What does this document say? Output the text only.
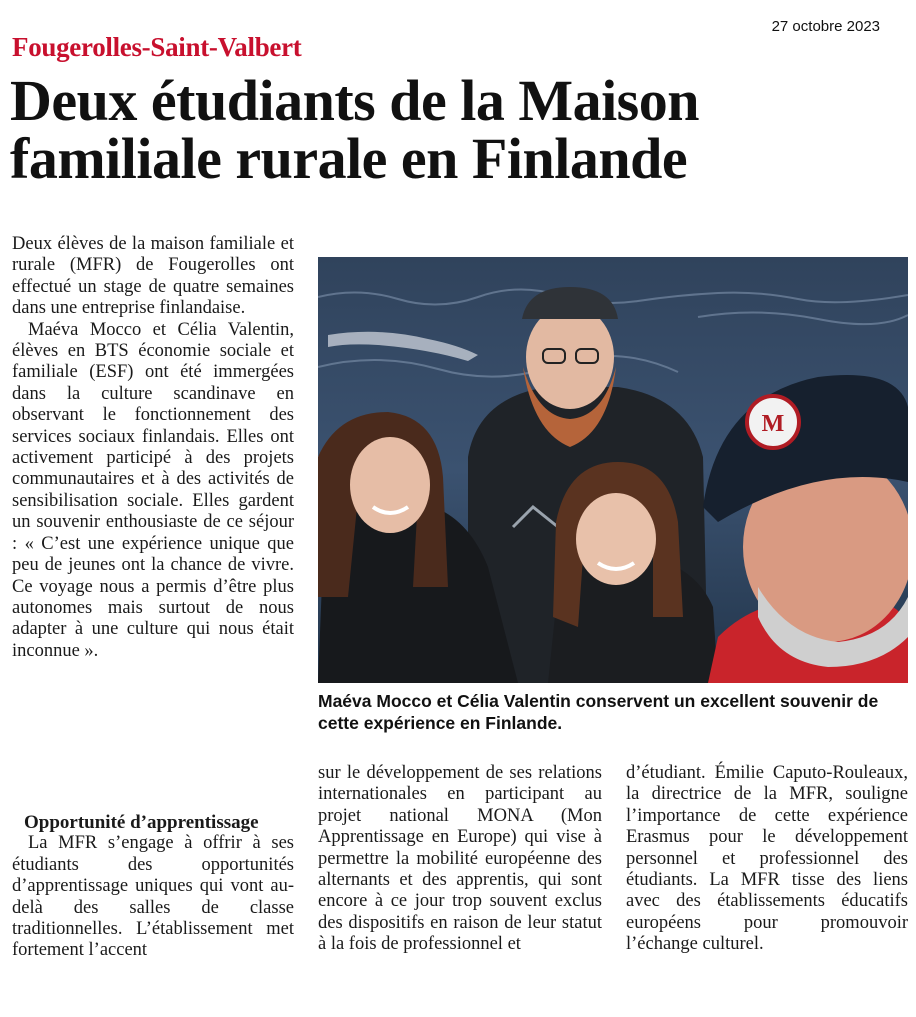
27 octobre 2023
Fougerolles-Saint-Valbert
Deux étudiants de la Maison familiale rurale en Finlande

Deux élèves de la maison familiale et rurale (MFR) de Fougerolles ont effectué un stage de quatre semaines dans une entreprise finlandaise.

Maéva Mocco et Célia Valentin, élèves en BTS économie sociale et familiale (ESF) ont été immergées dans la culture scandinave en observant le fonctionnement des services sociaux finlandais. Elles ont activement participé à des projets communautaires et à des activités de sensibilisation sociale. Elles gardent un souvenir enthousiaste de ce séjour : « C’est une expérience unique que peu de jeunes ont la chance de vivre. Ce voyage nous a permis d’être plus autonomes mais surtout de nous adapter à une culture qui nous était inconnue ».

Opportunité d’apprentissage

La MFR s’engage à offrir à ses étudiants des opportunités d’apprentissage uniques qui vont au-delà des salles de classe traditionnelles. L’établissement met fortement l’accent

sur le développement de ses relations internationales en participant au projet national MONA (Mon Apprentissage en Europe) qui vise à permettre la mobilité européenne des alternants et des apprentis, qui sont encore à ce jour trop souvent exclus des dispositifs en raison de leur statut à la fois de professionnel et

d’étudiant. Émilie Caputo-Rouleaux, la directrice de la MFR, souligne l’importance de cette expérience Erasmus pour le développement personnel et professionnel des étudiants. La MFR tisse des liens avec des établissements éducatifs européens pour promouvoir l’échange culturel.

M
Maéva Mocco et Célia Valentin conservent un excellent souvenir de cette expérience en Finlande.
